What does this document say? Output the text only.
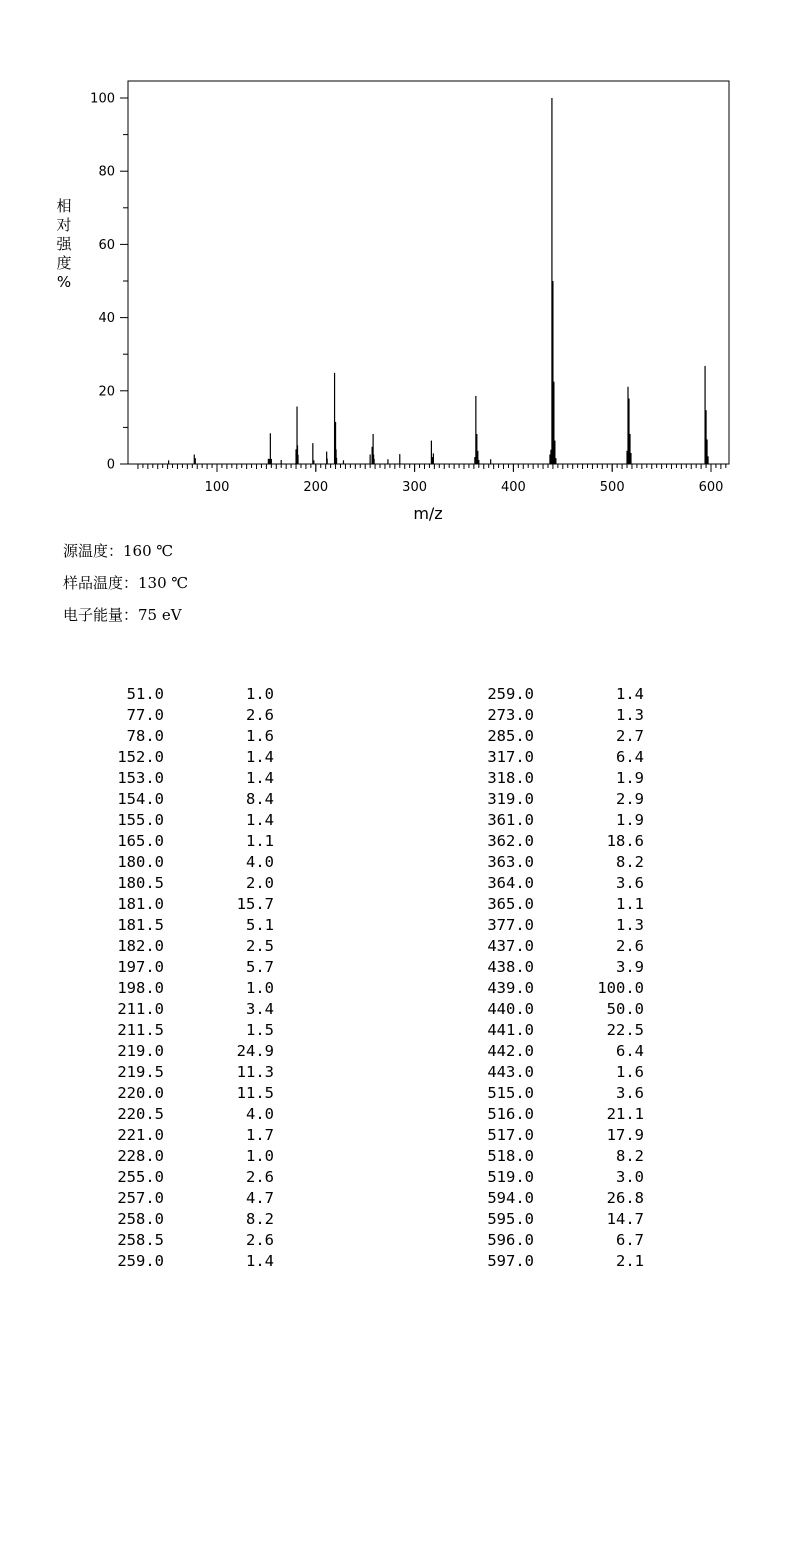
100	200	300	400	500	600
0
20
40
60
80
100
m/z
相对强度%
源温度：160 ℃
样品温度：130 ℃
电子能量：75 eV
51.0	1.0
77.0	2.6
78.0	1.6
152.0	1.4
153.0	1.4
154.0	8.4
155.0	1.4
165.0	1.1
180.0	4.0
180.5	2.0
181.0	15.7
181.5	5.1
182.0	2.5
197.0	5.7
198.0	1.0
211.0	3.4
211.5	1.5
219.0	24.9
219.5	11.3
220.0	11.5
220.5	4.0
221.0	1.7
228.0	1.0
255.0	2.6
257.0	4.7
258.0	8.2
258.5	2.6
259.0	1.4
259.0	1.4
273.0	1.3
285.0	2.7
317.0	6.4
318.0	1.9
319.0	2.9
361.0	1.9
362.0	18.6
363.0	8.2
364.0	3.6
365.0	1.1
377.0	1.3
437.0	2.6
438.0	3.9
439.0	100.0
440.0	50.0
441.0	22.5
442.0	6.4
443.0	1.6
515.0	3.6
516.0	21.1
517.0	17.9
518.0	8.2
519.0	3.0
594.0	26.8
595.0	14.7
596.0	6.7
597.0	2.1
